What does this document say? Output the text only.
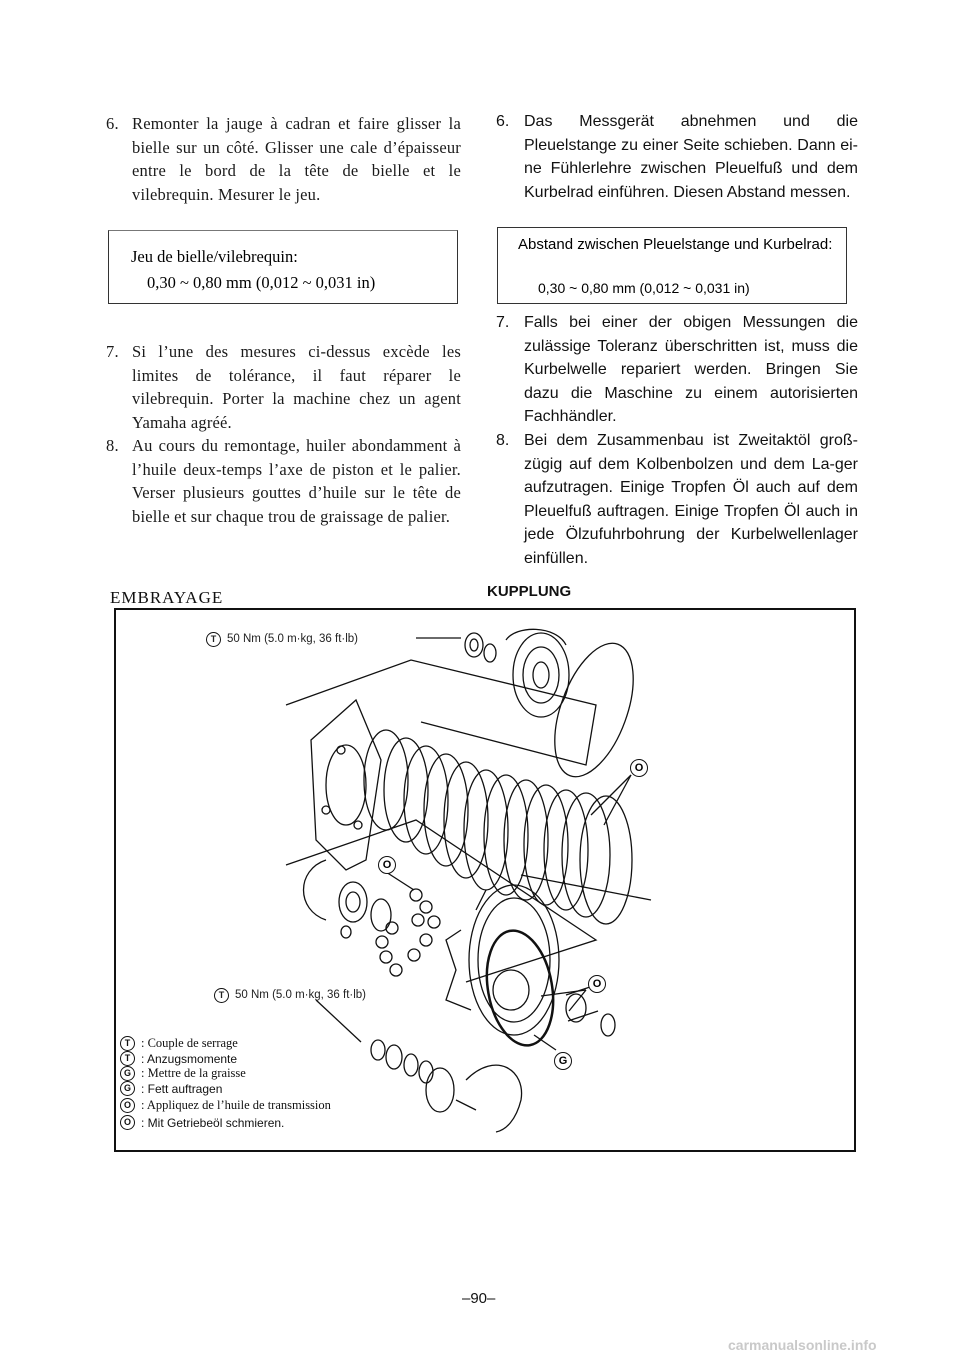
6. Remonter la jauge à cadran et faire glisser la bielle sur un côté. Glisser une cale d’épaisseur entre le bord de la tête de bielle et le vilebrequin. Mesurer le jeu.
Jeu de bielle/vilebrequin:
0,30 ~ 0,80 mm (0,012 ~ 0,031 in)
7. Si l’une des mesures ci-dessus excède les limites de tolérance, il faut réparer le vilebrequin. Porter la machine chez un agent Yamaha agréé.
8. Au cours du remontage, huiler abondamment à l’huile deux-temps l’axe de piston et le palier. Verser plusieurs gouttes d’huile sur le tête de bielle et sur chaque trou de graissage de palier.
6. Das Messgerät abnehmen und die Pleuelstange zu einer Seite schieben. Dann ei-ne Fühlerlehre zwischen Pleuelfuß und dem Kurbelrad einführen. Diesen Abstand messen.
Abstand zwischen Pleuelstange und Kurbelrad:
0,30 ~ 0,80 mm (0,012 ~ 0,031 in)
7. Falls bei einer der obigen Messungen die zulässige Toleranz überschritten ist, muss die Kurbelwelle repariert werden. Bringen Sie dazu die Maschine zu einem autorisierten Fachhändler.
8. Bei dem Zusammenbau ist Zweitaktöl groß-zügig auf dem Kolbenbolzen und dem La-ger aufzutragen. Einige Tropfen Öl auch auf dem Pleuelfuß auftragen. Einige Tropfen Öl auch in jede Ölzufuhrbohrung der Kurbelwellenlager einfüllen.
EMBRAYAGE	KUPPLUNG
T 50 Nm (5.0 m·kg, 36 ft·lb)
T 50 Nm (5.0 m·kg, 36 ft·lb)
O
O
O
G
T : Couple de serrage
T : Anzugsmomente
G : Mettre de la graisse
G : Fett auftragen
O : Appliquez de l’huile de transmission
O : Mit Getriebeöl schmieren.
–90–
carmanualsonline.info
